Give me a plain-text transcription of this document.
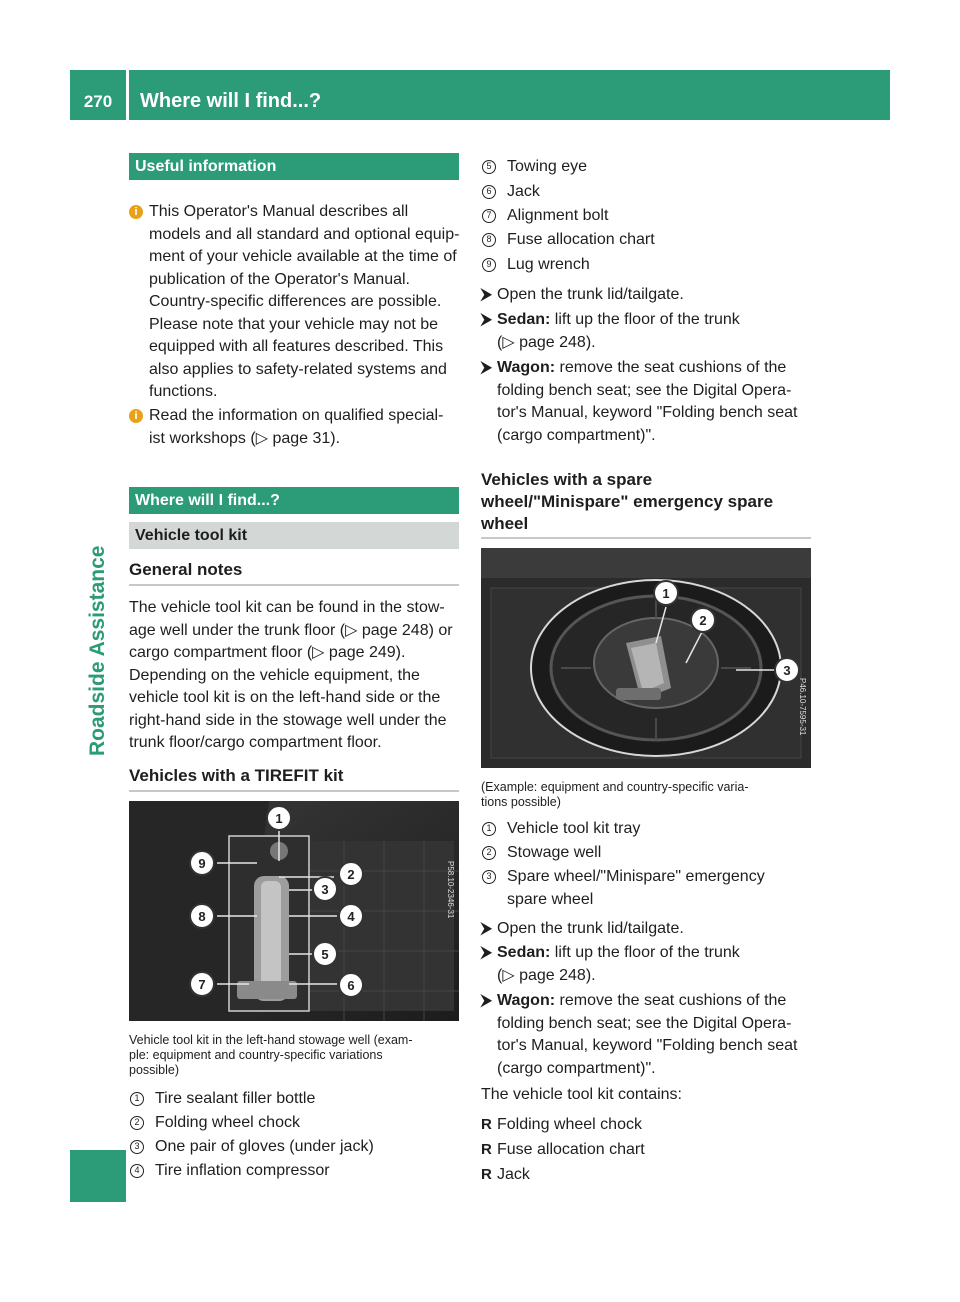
270	Where will I find...?
Roadside Assistance
Useful information
i This Operator's Manual describes all
models and all standard and optional equip-
ment of your vehicle available at the time of
publication of the Operator's Manual.
Country-specific differences are possible.
Please note that your vehicle may not be
equipped with all features described. This
also applies to safety-related systems and
functions.
i Read the information on qualified special-
ist workshops (▷ page 31).
Where will I find...?
Vehicle tool kit
General notes
The vehicle tool kit can be found in the stow-
age well under the trunk floor (▷ page 248) or
cargo compartment floor (▷ page 249).
Depending on the vehicle equipment, the
vehicle tool kit is on the left-hand side or the
right-hand side in the stowage well under the
trunk floor/cargo compartment floor.
Vehicles with a TIREFIT kit
1
2
3
4
5
6
7
8
9	P58.10-2346-31
Vehicle tool kit in the left-hand stowage well (exam-
ple: equipment and country-specific variations
possible)
1 Tire sealant filler bottle
2 Folding wheel chock
3 One pair of gloves (under jack)
4 Tire inflation compressor
5 Towing eye
6 Jack
7 Alignment bolt
8 Fuse allocation chart
9 Lug wrench
⮞ Open the trunk lid/tailgate.
⮞ Sedan: lift up the floor of the trunk
(▷ page 248).
⮞ Wagon: remove the seat cushions of the
folding bench seat; see the Digital Opera-
tor's Manual, keyword "Folding bench seat
(cargo compartment)".
Vehicles with a spare
wheel/"Minispare" emergency spare
wheel
1
2
3
P46.10-7595-31
(Example: equipment and country-specific varia-
tions possible)
1 Vehicle tool kit tray
2 Stowage well
3 Spare wheel/"Minispare" emergency
spare wheel
⮞ Open the trunk lid/tailgate.
⮞ Sedan: lift up the floor of the trunk
(▷ page 248).
⮞ Wagon: remove the seat cushions of the
folding bench seat; see the Digital Opera-
tor's Manual, keyword "Folding bench seat
(cargo compartment)".
The vehicle tool kit contains:
R Folding wheel chock
R Fuse allocation chart
R Jack
